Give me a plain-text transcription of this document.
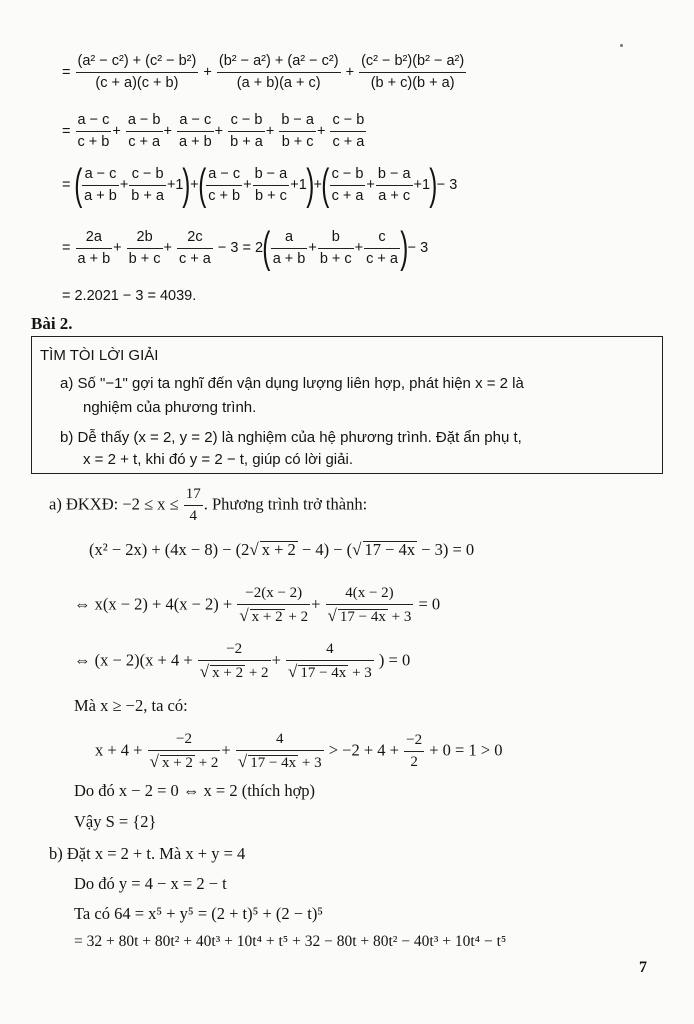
= $\frac{\text{(a² − c²) + (c² − b²)}}{(c + a)(c + b)} + \frac{\text{(b² − a²) + (a² − c²)}}{(a + b)(a + c)} + \frac{\text{(c² − b²)(b² − a²)}}{(b + c)(b + a)}$
= $\frac{a - c}{c + b} + \frac{a - b}{c + a} + \frac{a - c}{a + b} + \frac{c - b}{b + a} + \frac{b - a}{b + c} + \frac{c - b}{c + a}$
= ( $\frac{a - c}{a + b} + \frac{c - b}{b + a} +1)+( \frac{a - c}{c + b} + \frac{b - a}{b + c} +1)+( \frac{c - b}{c + a} + \frac{b - a}{a + c} +1)- 3$
= $\frac{2a}{a + b} + \frac{2b}{b + c} + \frac{2c}{c + a} - 3 = 2( \frac{a}{a + b} + \frac{b}{b + c} + \frac{c}{c + a}$ )− 3
= 2.2021 − 3 = 4039.
Bài 2.
TÌM TÒI LỜI GIẢI
a) Số "−1" gợi ta nghĩ đến vận dụng lượng liên hợp, phát hiện x = 2 là
nghiệm của phương trình.
b) Dễ thấy (x = 2, y = 2) là nghiệm của hệ phương trình. Đặt ẩn phụ t,
x = 2 + t, khi đó y = 2 − t, giúp có lời giải.
a) ĐKXĐ: $-2 \le x \le \frac{17}{4}$ . Phương trình trở thành:
(x² − 2x) + (4x − 8) − (2√ x + 2 − 4) − (√ 17 − 4x − 3) = 0
⇔ $x(x - 2) + 4(x - 2) + \frac{-2(x - 2)}{√ x + 2 + 2} + \frac{4(x - 2)}{√ 17 - 4x + 3} = 0$
⇔ $(x - 2)(x + 4 + \frac{-2}{√ x + 2 + 2} + \frac{4}{√ 17 - 4x + 3}$ ) = 0
Mà x ≥ −2, ta có:
$x + 4 + \frac{-2}{√ x + 2 + 2} + \frac{4}{√ 17 - 4x + 3} > -2 + 4 + \frac{-2}{2} + 0 = 1 > 0$
Do đó x − 2 = 0 ⇔ x = 2 (thích hợp)
Vậy S = {2}
b) Đặt x = 2 + t. Mà x + y = 4
Do đó y = 4 − x = 2 − t
Ta có 64 = x⁵ + y⁵ = (2 + t)⁵ + (2 − t)⁵
= 32 + 80t + 80t² + 40t³ + 10t⁴ + t⁵ + 32 − 80t + 80t² − 40t³ + 10t⁴ − t⁵
7
